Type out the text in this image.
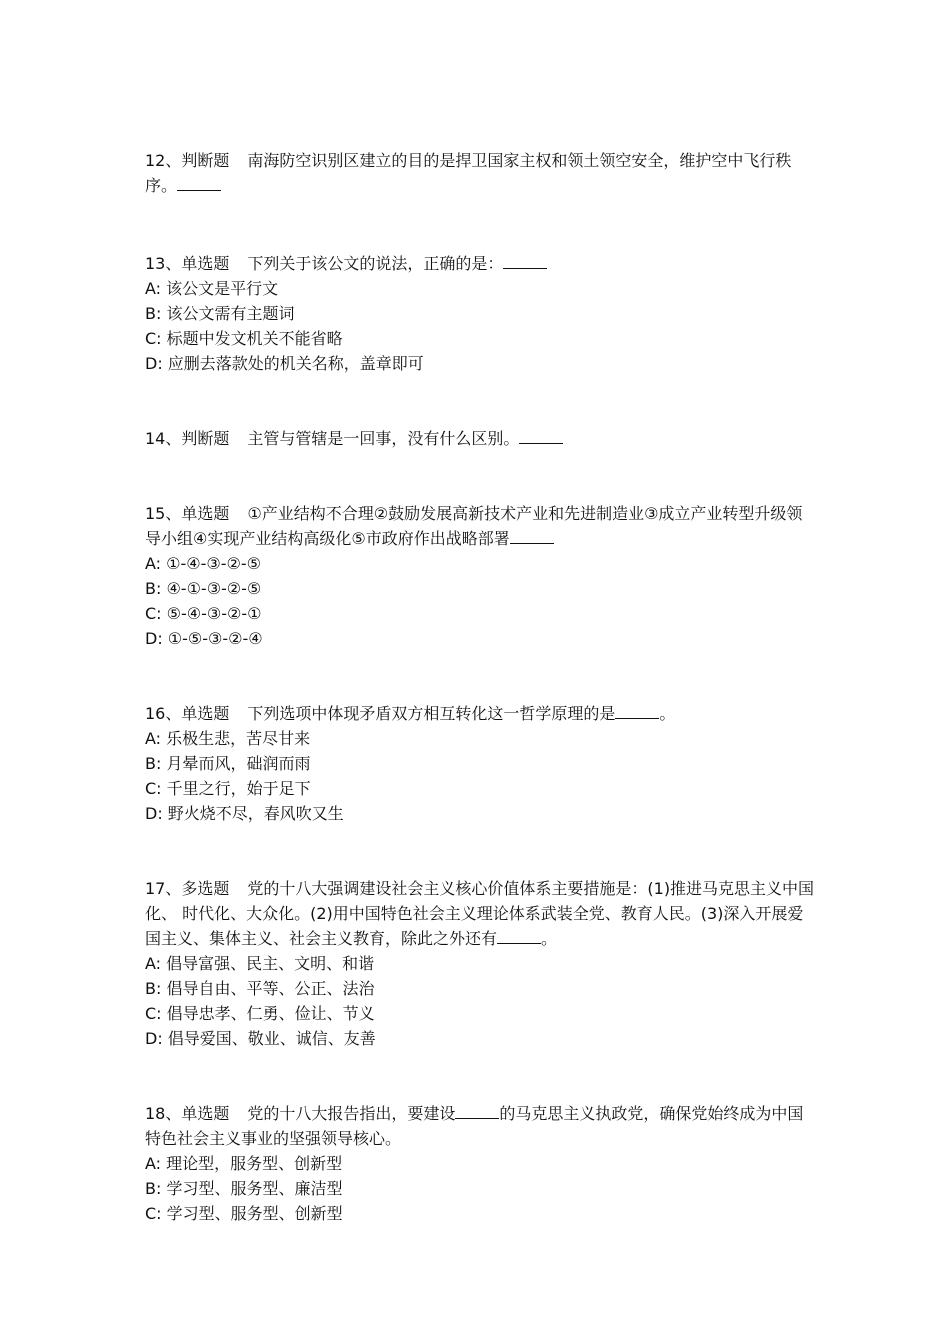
12、判断题 南海防空识别区建立的目的是捍卫国家主权和领土领空安全，维护空中飞行秩序。

13、单选题 下列关于该公文的说法，正确的是：

A: 该公文是平行文

B: 该公文需有主题词

C: 标题中发文机关不能省略

D: 应删去落款处的机关名称，盖章即可

14、判断题 主管与管辖是一回事，没有什么区别。

15、单选题 ①产业结构不合理②鼓励发展高新技术产业和先进制造业③成立产业转型升级领导小组④实现产业结构高级化⑤市政府作出战略部署

A: ①-④-③-②-⑤

B: ④-①-③-②-⑤

C: ⑤-④-③-②-①

D: ①-⑤-③-②-④

16、单选题 下列选项中体现矛盾双方相互转化这一哲学原理的是	。

A: 乐极生悲，苦尽甘来

B: 月晕而风，础润而雨

C: 千里之行，始于足下

D: 野火烧不尽，春风吹又生

17、多选题 党的十八大强调建设社会主义核心价值体系主要措施是：(1)推进马克思主义中国化、 时代化、大众化。(2)用中国特色社会主义理论体系武装全党、教育人民。(3)深入开展爱国主义、集体主义、社会主义教育，除此之外还有	。

A: 倡导富强、民主、文明、和谐

B: 倡导自由、平等、公正、法治

C: 倡导忠孝、仁勇、俭让、节义

D: 倡导爱国、敬业、诚信、友善

18、单选题 党的十八大报告指出，要建设	的马克思主义执政党，确保党始终成为中国特色社会主义事业的坚强领导核心。

A: 理论型，服务型、创新型

B: 学习型、服务型、廉洁型

C: 学习型、服务型、创新型
